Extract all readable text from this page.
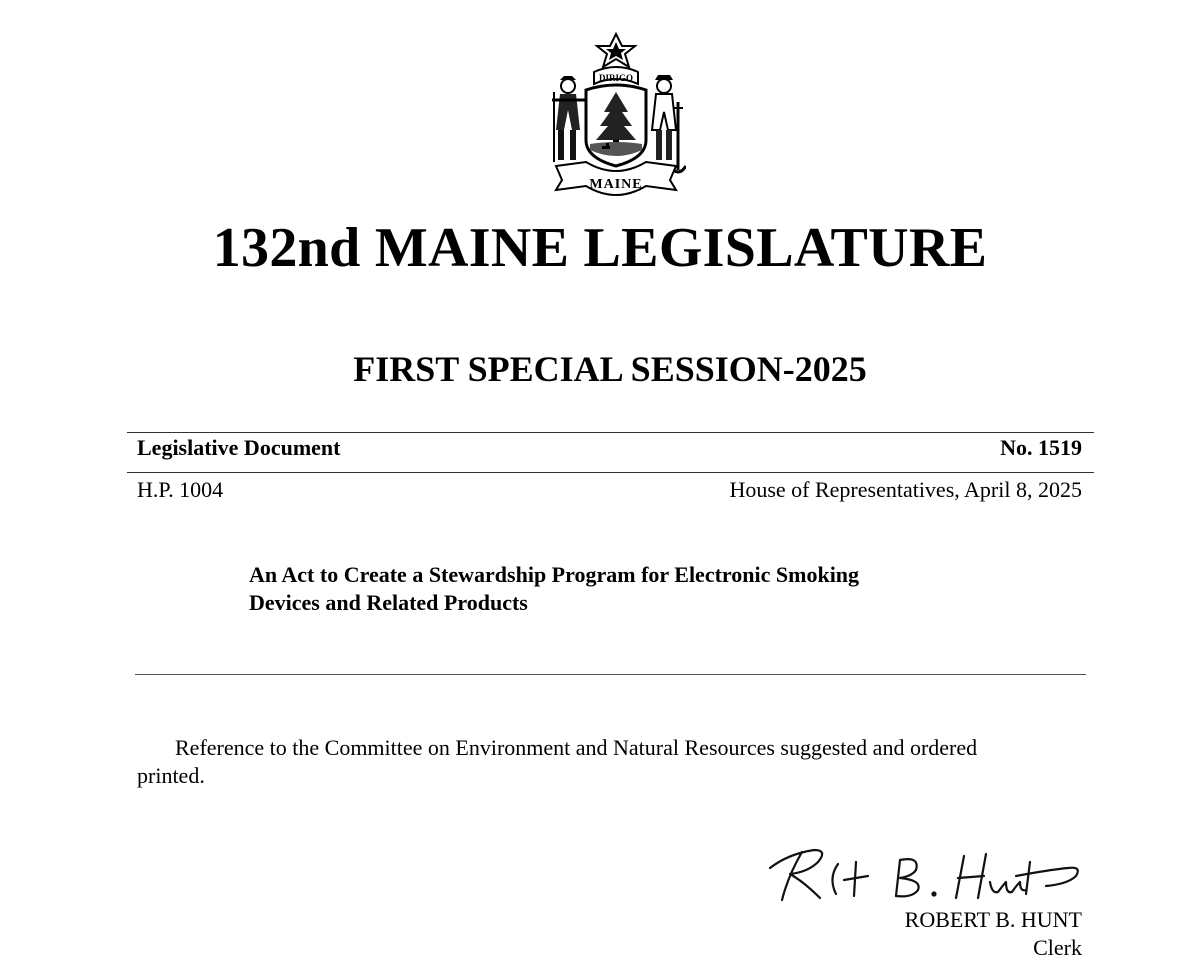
DIRIGO
MAINE
132nd MAINE LEGISLATURE
FIRST SPECIAL SESSION-2025
Legislative Document	No. 1519
H.P. 1004	House of Representatives, April 8, 2025
An Act to Create a Stewardship Program for Electronic Smoking
Devices and Related Products
Reference to the Committee on Environment and Natural Resources suggested and ordered
printed.
ROBERT B. HUNT
Clerk
